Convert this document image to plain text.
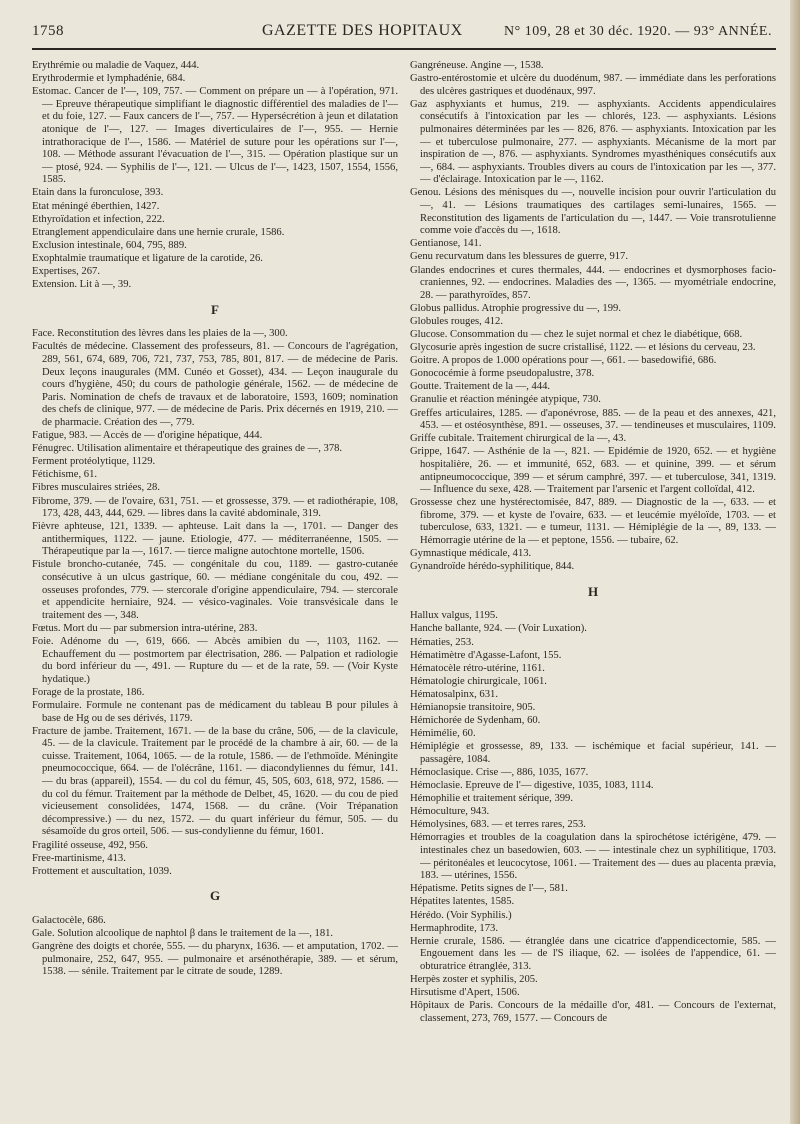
1758	GAZETTE DES HOPITAUX	N° 109, 28 et 30 déc. 1920. — 93° ANNÉE.
Erythrémie ou maladie de Vaquez, 444.
Erythrodermie et lymphadénie, 684.
Estomac. Cancer de l'—, 109, 757. — Comment on prépare un — à l'opération, 971. — Epreuve thérapeutique simplifiant le diagnostic différentiel des maladies de l'— et du foie, 127. — Faux cancers de l'—, 757. — Hypersécrétion à jeun et dilatation atonique de l'—, 127. — Images diverticulaires de l'—, 955. — Hernie intrathoracique de l'—, 1586. — Matériel de suture pour les opérations sur l'—, 108. — Méthode assurant l'évacuation de l'—, 315. — Opération plastique sur un — ptosé, 924. — Syphilis de l'—, 121. — Ulcus de l'—, 1423, 1507, 1554, 1556, 1585.
Etain dans la furonculose, 393.
Etat méningé éberthien, 1427.
Ethyroïdation et infection, 222.
Etranglement appendiculaire dans une hernie crurale, 1586.
Exclusion intestinale, 604, 795, 889.
Exophtalmie traumatique et ligature de la carotide, 26.
Expertises, 267.
Extension. Lit à —, 39.
F
Face. Reconstitution des lèvres dans les plaies de la —, 300.
Facultés de médecine. Classement des professeurs, 81. — Concours de l'agrégation, 289, 561, 674, 689, 706, 721, 737, 753, 785, 801, 817. — de médecine de Paris. Deux leçons inaugurales (MM. Cunéo et Gosset), 434. — Leçon inaugurale du cours d'hygiène, 450; du cours de pathologie générale, 1562. — de médecine de Paris. Nomination de chefs de travaux et de laboratoire, 1593, 1609; nomination des chefs de clinique, 977. — de médecine de Paris. Prix décernés en 1919, 210. — de pharmacie. Création des —, 779.
Fatigue, 983. — Accès de — d'origine hépatique, 444.
Fénugrec. Utilisation alimentaire et thérapeutique des graines de —, 378.
Ferment protéolytique, 1129.
Fétichisme, 61.
Fibres musculaires striées, 28.
Fibrome, 379. — de l'ovaire, 631, 751. — et grossesse, 379. — et radiothérapie, 108, 173, 428, 443, 444, 629. — libres dans la cavité abdominale, 319.
Fièvre aphteuse, 121, 1339. — aphteuse. Lait dans la —, 1701. — Danger des antithermiques, 1122. — jaune. Etiologie, 477. — méditerranéenne, 1505. — Thérapeutique par la —, 1617. — tierce maligne autochtone mortelle, 1506.
Fistule broncho-cutanée, 745. — congénitale du cou, 1189. — gastro-cutanée consécutive à un ulcus gastrique, 60. — médiane congénitale du cou, 492. — osseuses profondes, 779. — stercorale d'origine appendiculaire, 794. — stercorale et appendicite herniaire, 924. — vésico-vaginales. Voie transvésicale dans le traitement des —, 348.
Fœtus. Mort du — par submersion intra-utérine, 283.
Foie. Adénome du —, 619, 666. — Abcès amibien du —, 1103, 1162. — Echauffement du — postmortem par électrisation, 286. — Palpation et radiologie du bord inférieur du —, 491. — Rupture du — et de la rate, 59. — (Voir Kyste hydatique.)
Forage de la prostate, 186.
Formulaire. Formule ne contenant pas de médicament du tableau B pour pilules à base de Hg ou de ses dérivés, 1179.
Fracture de jambe. Traitement, 1671. — de la base du crâne, 506, — de la clavicule, 45. — de la clavicule. Traitement par le procédé de la chambre à air, 60. — de la cuisse. Traitement, 1064, 1065. — de la rotule, 1586. — de l'ethmoïde. Méningite pneumococcique, 664. — de l'olécrâne, 1161. — diacondyliennes du fémur, 141. — du bras (appareil), 1554. — du col du fémur, 45, 505, 603, 618, 972, 1586. — du col du fémur. Traitement par la méthode de Delbet, 45, 1620. — du cou de pied vicieusement consolidées, 1474, 1568. — du crâne. (Voir Trépanation décompressive.) — du nez, 1572. — du quart inférieur du fémur, 505. — du sésamoïde du gros orteil, 506. — sus-condylienne du fémur, 1601.
Fragilité osseuse, 492, 956.
Free-martinisme, 413.
Frottement et auscultation, 1039.
G
Galactocèle, 686.
Gale. Solution alcoolique de naphtol β dans le traitement de la —, 181.
Gangrène des doigts et chorée, 555. — du pharynx, 1636. — et amputation, 1702. — pulmonaire, 252, 647, 955. — pulmonaire et arsénothérapie, 389. — et sérum, 1538. — sénile. Traitement par le citrate de soude, 1289.
Gangréneuse. Angine —, 1538.
Gastro-entérostomie et ulcère du duodénum, 987. — immédiate dans les perforations des ulcères gastriques et duodénaux, 997.
Gaz asphyxiants et humus, 219. — asphyxiants. Accidents appendiculaires consécutifs à l'intoxication par les — chlorés, 123. — asphyxiants. Lésions pulmonaires déterminées par les — 826, 876. — asphyxiants. Intoxication par les — et tuberculose pulmonaire, 277. — asphyxiants. Mécanisme de la mort par inspiration de —, 876. — asphyxiants. Syndromes myasthéniques consécutifs aux —, 684. — asphyxiants. Troubles divers au cours de l'intoxication par les —, 377. — d'éclairage. Intoxication par le —, 1162.
Genou. Lésions des ménisques du —, nouvelle incision pour ouvrir l'articulation du —, 41. — Lésions traumatiques des cartilages semi-lunaires, 1565. — Reconstitution des ligaments de l'articulation du —, 1447. — Voie transrotulienne comme voie d'accès du —, 1618.
Gentianose, 141.
Genu recurvatum dans les blessures de guerre, 917.
Glandes endocrines et cures thermales, 444. — endocrines et dysmorphoses facio-craniennes, 92. — endocrines. Maladies des —, 1365. — myométriale endocrine, 28. — parathyroïdes, 857.
Globus pallidus. Atrophie progressive du —, 199.
Globules rouges, 412.
Glucose. Consommation du — chez le sujet normal et chez le diabétique, 668.
Glycosurie après ingestion de sucre cristallisé, 1122. — et lésions du cerveau, 23.
Goitre. A propos de 1.000 opérations pour —, 661. — basedowifié, 686.
Gonococémie à forme pseudopalustre, 378.
Goutte. Traitement de la —, 444.
Granulie et réaction méningée atypique, 730.
Greffes articulaires, 1285. — d'aponévrose, 885. — de la peau et des annexes, 421, 453. — et ostéosynthèse, 891. — osseuses, 37. — tendineuses et musculaires, 1109.
Griffe cubitale. Traitement chirurgical de la —, 43.
Grippe, 1647. — Asthénie de la —, 821. — Epidémie de 1920, 652. — et hygiène hospitalière, 26. — et immunité, 652, 683. — et quinine, 399. — et sérum antipneumococcique, 399 — et sérum camphré, 397. — et tuberculose, 341, 1319. — Influence du sexe, 428. — Traitement par l'arsenic et l'argent colloïdal, 412.
Grossesse chez une hystérectomisée, 847, 889. — Diagnostic de la —, 633. — et fibrome, 379. — et kyste de l'ovaire, 633. — et leucémie myéloïde, 1703. — et tuberculose, 633, 1321. — e tumeur, 1131. — Hémiplégie de la —, 89, 133. — Hémorragie utérine de la — et peptone, 1556. — tubaire, 62.
Gymnastique médicale, 413.
Gynandroïde hérédo-syphilitique, 844.
H
Hallux valgus, 1195.
Hanche ballante, 924. — (Voir Luxation).
Hématies, 253.
Hématimètre d'Agasse-Lafont, 155.
Hématocèle rétro-utérine, 1161.
Hématologie chirurgicale, 1061.
Hématosalpinx, 631.
Hémianopsie transitoire, 905.
Hémichorée de Sydenham, 60.
Hémimélie, 60.
Hémiplégie et grossesse, 89, 133. — ischémique et facial supérieur, 141. — passagère, 1084.
Hémoclasique. Crise —, 886, 1035, 1677.
Hémoclasie. Epreuve de l'— digestive, 1035, 1083, 1114.
Hémophilie et traitement sérique, 399.
Hémoculture, 943.
Hémolysines, 683. — et terres rares, 253.
Hémorragies et troubles de la coagulation dans la spirochétose ictérigène, 479. — intestinales chez un basedowien, 603. — — intestinale chez un syphilitique, 1703. — péritonéales et leucocytose, 1061. — Traitement des — dues au placenta prævia, 183. — utérines, 1556.
Hépatisme. Petits signes de l'—, 581.
Hépatites latentes, 1585.
Hérédo. (Voir Syphilis.)
Hermaphrodite, 173.
Hernie crurale, 1586. — étranglée dans une cicatrice d'appendicectomie, 585. — Engouement dans les — de l'S iliaque, 62. — isolées de l'appendice, 61. — obturatrice étranglée, 313.
Herpès zoster et syphilis, 205.
Hirsutisme d'Apert, 1506.
Hôpitaux de Paris. Concours de la médaille d'or, 481. — Concours de l'externat, classement, 273, 769, 1577. — Concours de
